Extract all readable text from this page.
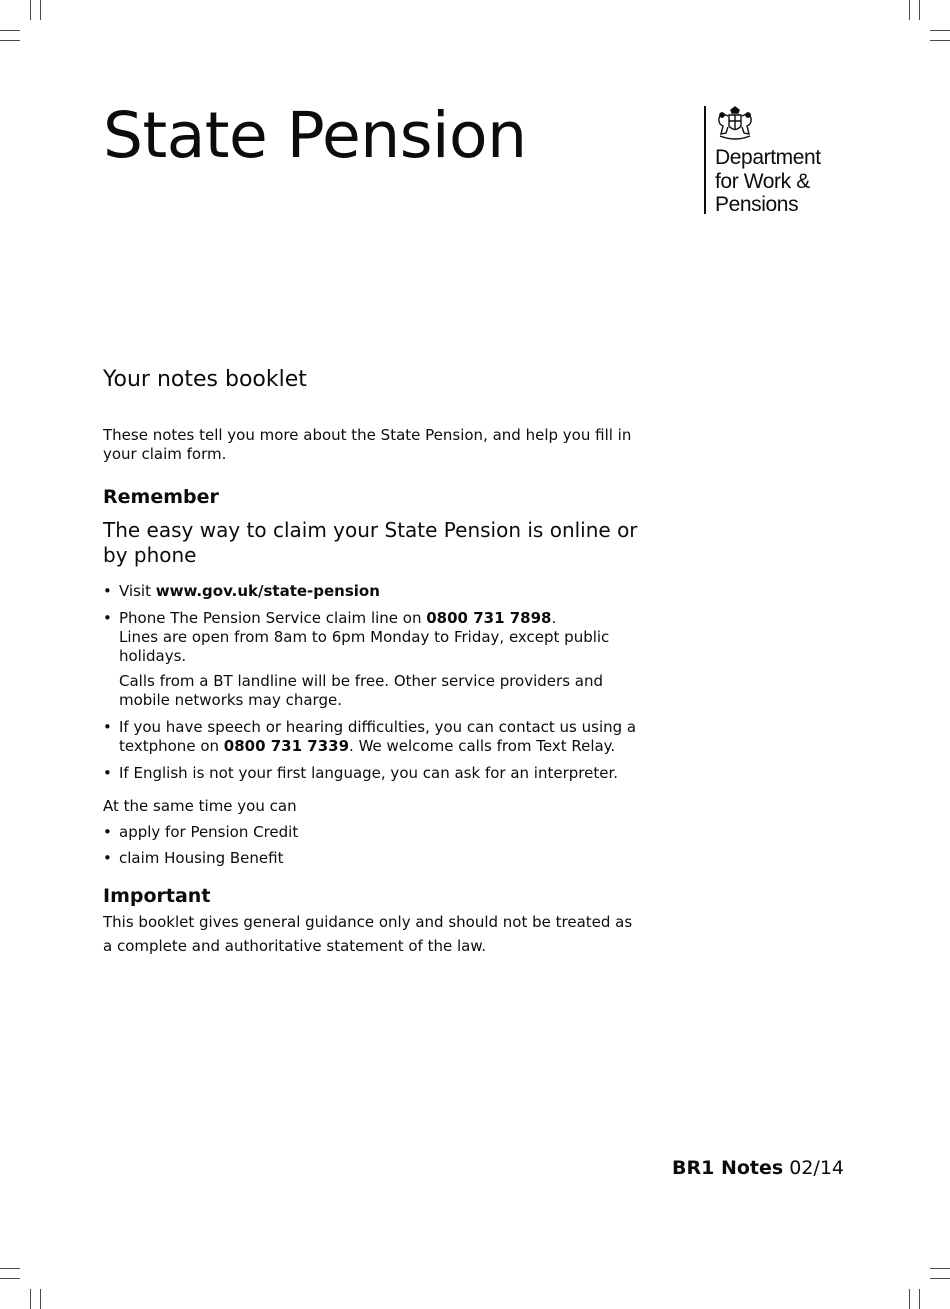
State Pension	Department
for Work &
Pensions
Your notes booklet

These notes tell you more about the State Pension, and help you fill in your claim form.

Remember

The easy way to claim your State Pension is online or by phone

• Visit www.gov.uk/state-pension
• Phone The Pension Service claim line on 0800 731 7898.
Lines are open from 8am to 6pm Monday to Friday, except public holidays.
Calls from a BT landline will be free. Other service providers and mobile networks may charge.
• If you have speech or hearing difficulties, you can contact us using a textphone on 0800 731 7339. We welcome calls from Text Relay.
• If English is not your first language, you can ask for an interpreter.

At the same time you can

• apply for Pension Credit
• claim Housing Benefit
Important

This booklet gives general guidance only and should not be treated as a complete and authoritative statement of the law.

BR1 Notes 02/14
